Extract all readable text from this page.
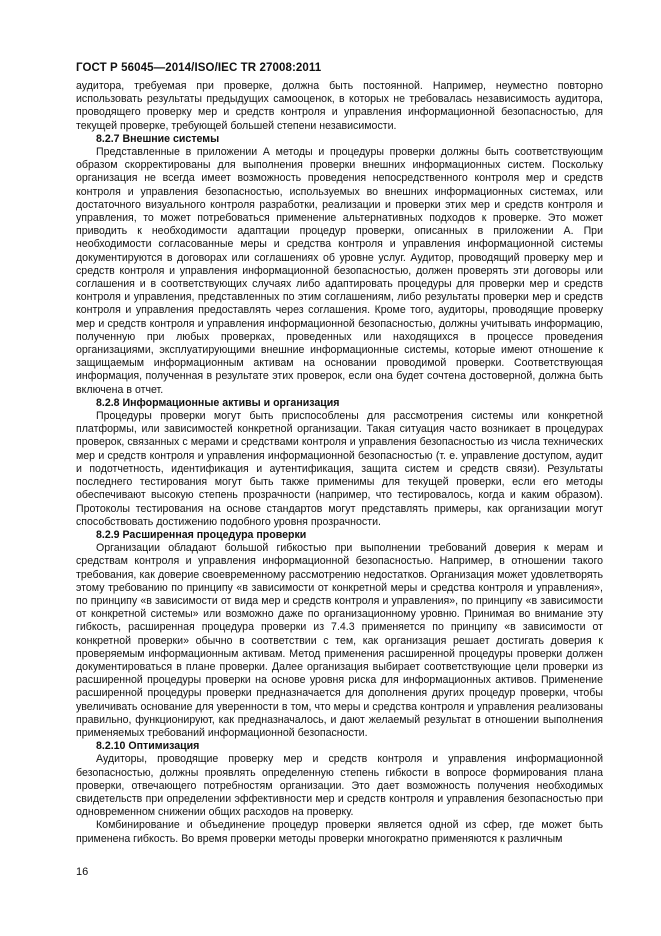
ГОСТ Р 56045—2014/ISO/IEC TR 27008:2011

аудитора, требуемая при проверке, должна быть постоянной. Например, неуместно повторно использовать результаты предыдущих самооценок, в которых не требовалась независимость аудитора, проводящего проверку мер и средств контроля и управления информационной безопасностью, для текущей проверке, требующей большей степени независимости.

8.2.7 Внешние системы

Представленные в приложении А методы и процедуры проверки должны быть соответствующим образом скорректированы для выполнения проверки внешних информационных систем. Поскольку организация не всегда имеет возможность проведения непосредственного контроля мер и средств контроля и управления безопасностью, используемых во внешних информационных системах, или достаточного визуального контроля разработки, реализации и проверки этих мер и средств контроля и управления, то может потребоваться применение альтернативных подходов к проверке. Это может приводить к необходимости адаптации процедур проверки, описанных в приложении А. При необходимости согласованные меры и средства контроля и управления информационной системы документируются в договорах или соглашениях об уровне услуг. Аудитор, проводящий проверку мер и средств контроля и управления информационной безопасностью, должен проверять эти договоры или соглашения и в соответствующих случаях либо адаптировать процедуры для проверки мер и средств контроля и управления, представленных по этим соглашениям, либо результаты проверки мер и средств контроля и управления предоставлять через соглашения. Кроме того, аудиторы, проводящие проверку мер и средств контроля и управления информационной безопасностью, должны учитывать информацию, полученную при любых проверках, проведенных или находящихся в процессе проведения организациями, эксплуатирующими внешние информационные системы, которые имеют отношение к защищаемым информационным активам на основании проводимой проверки. Соответствующая информация, полученная в результате этих проверок, если она будет сочтена достоверной, должна быть включена в отчет.

8.2.8 Информационные активы и организация

Процедуры проверки могут быть приспособлены для рассмотрения системы или конкретной платформы, или зависимостей конкретной организации. Такая ситуация часто возникает в процедурах проверок, связанных с мерами и средствами контроля и управления безопасностью из числа технических мер и средств контроля и управления информационной безопасностью (т. е. управление доступом, аудит и подотчетность, идентификация и аутентификация, защита систем и средств связи). Результаты последнего тестирования могут быть также применимы для текущей проверки, если его методы обеспечивают высокую степень прозрачности (например, что тестировалось, когда и каким образом). Протоколы тестирования на основе стандартов могут представлять примеры, как организации могут способствовать достижению подобного уровня прозрачности.

8.2.9 Расширенная процедура проверки

Организации обладают большой гибкостью при выполнении требований доверия к мерам и средствам контроля и управления информационной безопасностью. Например, в отношении такого требования, как доверие своевременному рассмотрению недостатков. Организация может удовлетворять этому требованию по принципу «в зависимости от конкретной меры и средства контроля и управления», по принципу «в зависимости от вида мер и средств контроля и управления», по принципу «в зависимости от конкретной системы» или возможно даже по организационному уровню. Принимая во внимание эту гибкость, расширенная процедура проверки из 7.4.3 применяется по принципу «в зависимости от конкретной проверки» обычно в соответствии с тем, как организация решает достигать доверия к проверяемым информационным активам. Метод применения расширенной процедуры проверки должен документироваться в плане проверки. Далее организация выбирает соответствующие цели проверки из расширенной процедуры проверки на основе уровня риска для информационных активов. Применение расширенной процедуры проверки предназначается для дополнения других процедур проверки, чтобы увеличивать основание для уверенности в том, что меры и средства контроля и управления реализованы правильно, функционируют, как предназначалось, и дают желаемый результат в отношении выполнения применяемых требований информационной безопасности.

8.2.10 Оптимизация

Аудиторы, проводящие проверку мер и средств контроля и управления информационной безопасностью, должны проявлять определенную степень гибкости в вопросе формирования плана проверки, отвечающего потребностям организации. Это дает возможность получения необходимых свидетельств при определении эффективности мер и средств контроля и управления безопасностью при одновременном снижении общих расходов на проверку.

Комбинирование и объединение процедур проверки является одной из сфер, где может быть применена гибкость. Во время проверки методы проверки многократно применяются к различным

16
